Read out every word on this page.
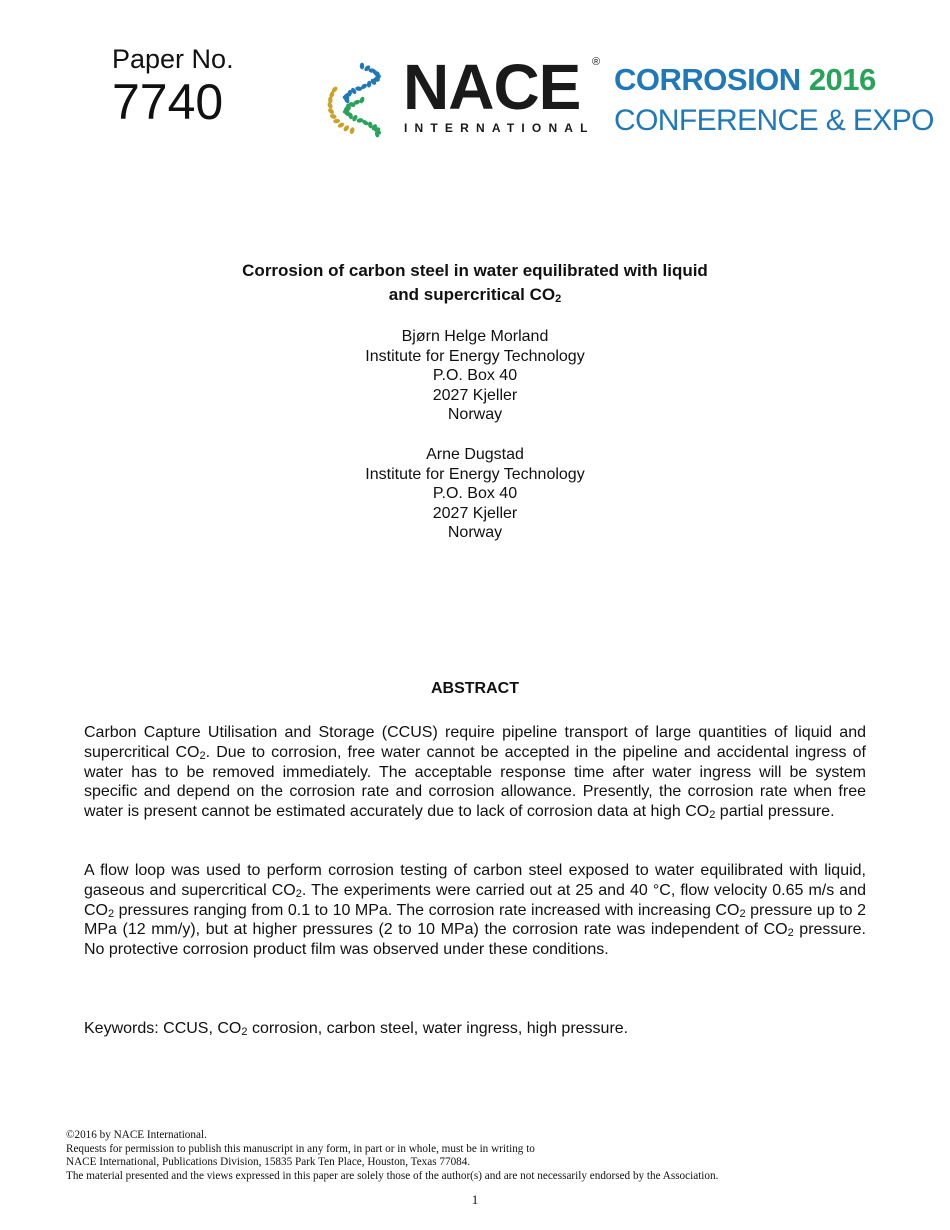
Paper No.
7740	NACE ®
INTERNATIONAL
CORROSION 2016
CONFERENCE & EXPO
Corrosion of carbon steel in water equilibrated with liquid
and supercritical $CO_2$
Bjørn Helge Morland
Institute for Energy Technology
P.O. Box 40
2027 Kjeller
Norway
Arne Dugstad
Institute for Energy Technology
P.O. Box 40
2027 Kjeller
Norway
ABSTRACT
Carbon Capture Utilisation and Storage (CCUS) require pipeline transport of large quantities of liquid and supercritical $CO_2$. Due to corrosion, free water cannot be accepted in the pipeline and accidental ingress of water has to be removed immediately. The acceptable response time after water ingress will be system specific and depend on the corrosion rate and corrosion allowance. Presently, the corrosion rate when free water is present cannot be estimated accurately due to lack of corrosion data at high $CO_2$ partial pressure.
A flow loop was used to perform corrosion testing of carbon steel exposed to water equilibrated with liquid, gaseous and supercritical $CO_2$. The experiments were carried out at 25 and 40 °C, flow velocity 0.65 m/s and $CO_2$ pressures ranging from 0.1 to 10 MPa. The corrosion rate increased with increasing $CO_2$ pressure up to 2 MPa (12 mm/y), but at higher pressures (2 to 10 MPa) the corrosion rate was independent of $CO_2$ pressure. No protective corrosion product film was observed under these conditions.
Keywords: CCUS, $CO_2$ corrosion, carbon steel, water ingress, high pressure.
©2016 by NACE International.
Requests for permission to publish this manuscript in any form, in part or in whole, must be in writing to
NACE International, Publications Division, 15835 Park Ten Place, Houston, Texas 77084.
The material presented and the views expressed in this paper are solely those of the author(s) and are not necessarily endorsed by the Association.
1
